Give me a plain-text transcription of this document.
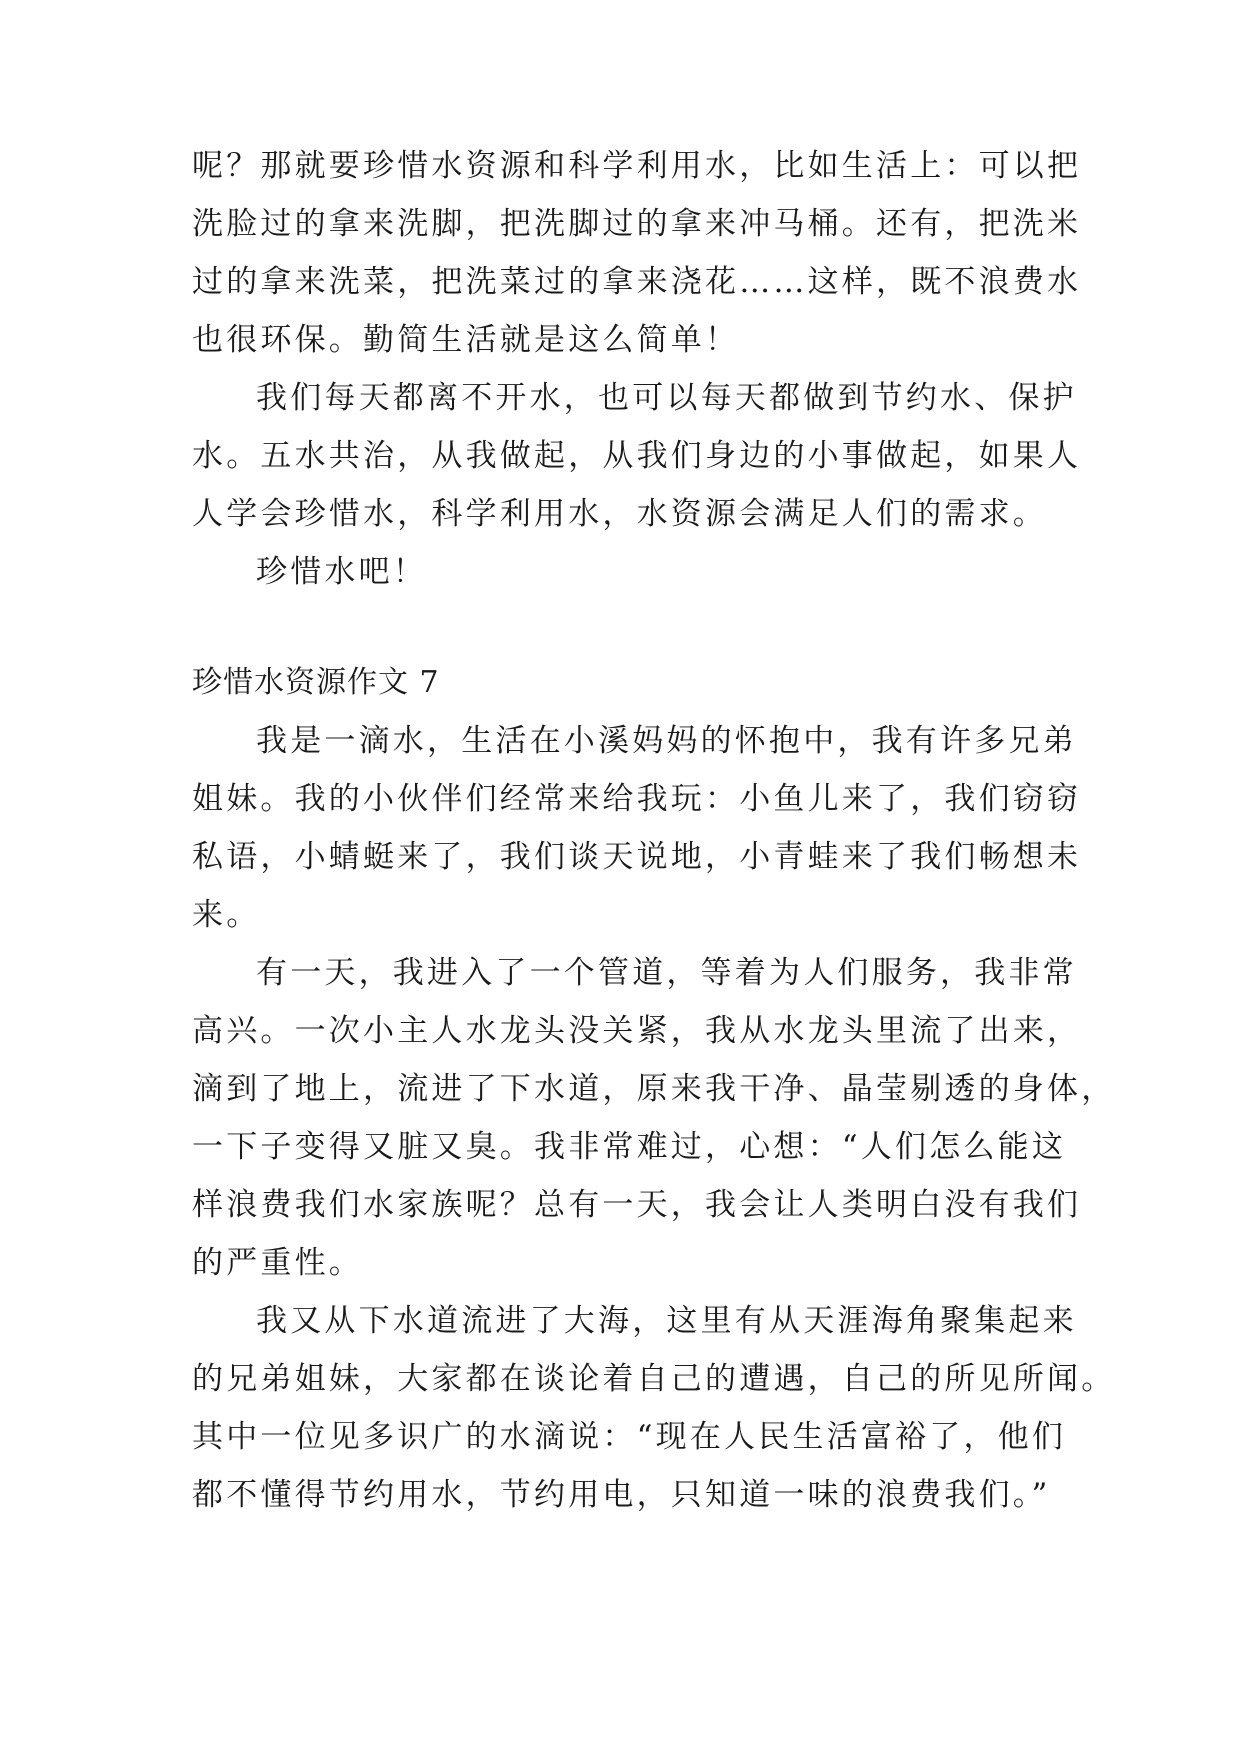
呢？那就要珍惜水资源和科学利用水，比如生活上：可以把
洗脸过的拿来洗脚，把洗脚过的拿来冲马桶。还有，把洗米
过的拿来洗菜，把洗菜过的拿来浇花……这样，既不浪费水
也很环保。勤简生活就是这么简单！
我们每天都离不开水，也可以每天都做到节约水、保护
水。五水共治，从我做起，从我们身边的小事做起，如果人
人学会珍惜水，科学利用水，水资源会满足人们的需求。
珍惜水吧！
珍惜水资源作文 7
我是一滴水，生活在小溪妈妈的怀抱中，我有许多兄弟
姐妹。我的小伙伴们经常来给我玩：小鱼儿来了，我们窃窃
私语，小蜻蜓来了，我们谈天说地，小青蛙来了我们畅想未
来。
有一天，我进入了一个管道，等着为人们服务，我非常
高兴。一次小主人水龙头没关紧，我从水龙头里流了出来，
滴到了地上，流进了下水道，原来我干净、晶莹剔透的身体，
一下子变得又脏又臭。我非常难过，心想：“人们怎么能这
样浪费我们水家族呢？总有一天，我会让人类明白没有我们
的严重性。
我又从下水道流进了大海，这里有从天涯海角聚集起来
的兄弟姐妹，大家都在谈论着自己的遭遇，自己的所见所闻。
其中一位见多识广的水滴说：“现在人民生活富裕了，他们
都不懂得节约用水，节约用电，只知道一味的浪费我们。”
